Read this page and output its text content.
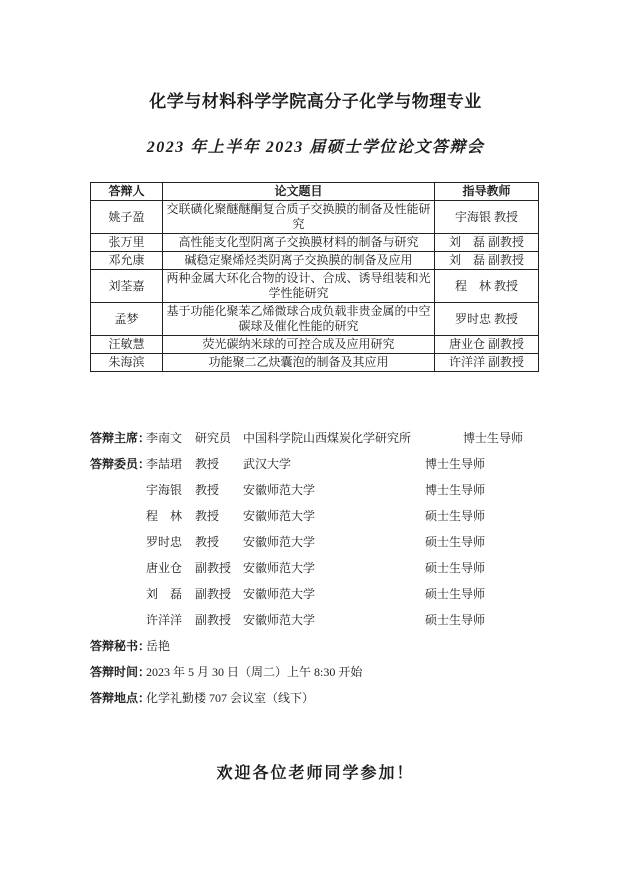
化学与材料科学学院高分子化学与物理专业
2023 年上半年 2023 届硕士学位论文答辩会
答辩人	论文题目	指导教师
姚子盈	交联磺化聚醚醚酮复合质子交换膜的制备及性能研究	宇海银 教授
张万里	高性能支化型阴离子交换膜材料的制备与研究	刘　磊 副教授
邓允康	碱稳定聚烯烃类阴离子交换膜的制备及应用	刘　磊 副教授
刘荃嘉	两种金属大环化合物的设计、合成、诱导组装和光学性能研究	程　林 教授
孟梦	基于功能化聚苯乙烯微球合成负载非贵金属的中空碳球及催化性能的研究	罗时忠 教授
汪敏慧	荧光碳纳米球的可控合成及应用研究	唐业仓 副教授
朱海滨	功能聚二乙炔囊泡的制备及其应用	许洋洋 副教授
答辩主席：
李南文	研究员 中国科学院山西煤炭化学研究所	博士生导师
答辩委员：
李喆珺	教授	武汉大学	博士生导师
宇海银	教授	安徽师范大学	博士生导师
程　林	教授	安徽师范大学	硕士生导师
罗时忠	教授	安徽师范大学	硕士生导师
唐业仓	副教授 安徽师范大学	硕士生导师
刘　磊	副教授 安徽师范大学	硕士生导师
许洋洋	副教授 安徽师范大学	硕士生导师
答辩秘书：
岳艳
答辩时间：
2023 年 5 月 30 日（周二）上午 8:30 开始
答辩地点：
化学礼勤楼 707 会议室（线下）
欢迎各位老师同学参加！
